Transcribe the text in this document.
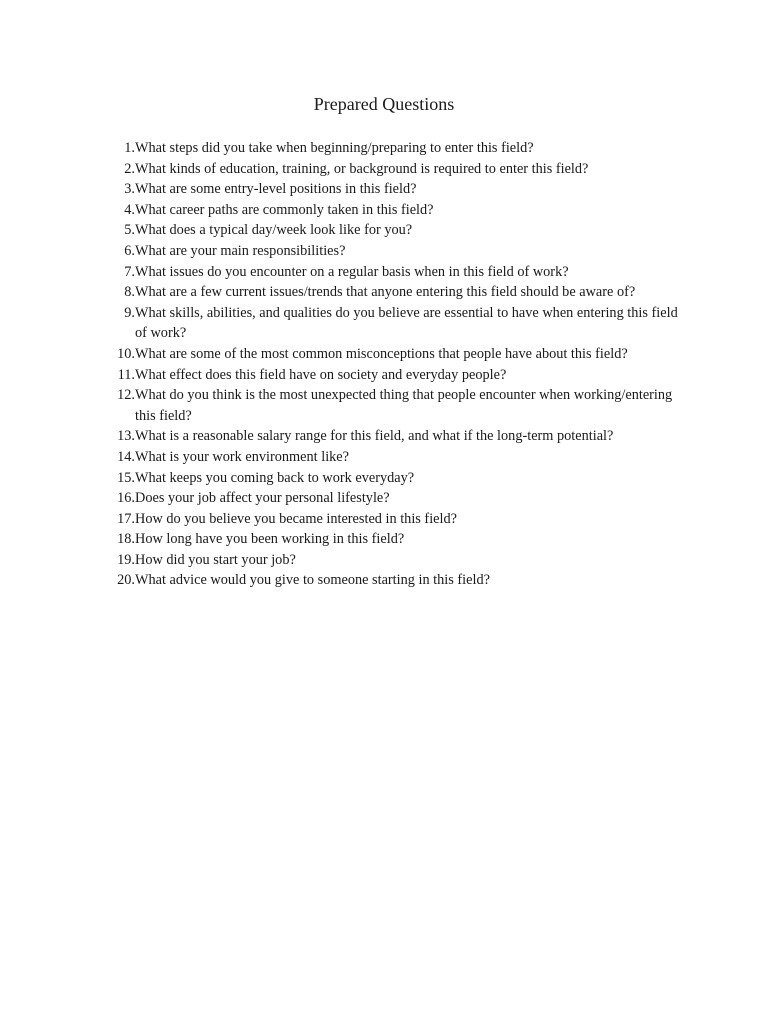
Prepared Questions
1. What steps did you take when beginning/preparing to enter this field?
2. What kinds of education, training, or background is required to enter this field?
3. What are some entry-level positions in this field?
4. What career paths are commonly taken in this field?
5. What does a typical day/week look like for you?
6. What are your main responsibilities?
7. What issues do you encounter on a regular basis when in this field of work?
8. What are a few current issues/trends that anyone entering this field should be aware of?
9. What skills, abilities, and qualities do you believe are essential to have when entering this field of work?
10. What are some of the most common misconceptions that people have about this field?
11. What effect does this field have on society and everyday people?
12. What do you think is the most unexpected thing that people encounter when working/entering this field?
13. What is a reasonable salary range for this field, and what if the long-term potential?
14. What is your work environment like?
15. What keeps you coming back to work everyday?
16. Does your job affect your personal lifestyle?
17. How do you believe you became interested in this field?
18. How long have you been working in this field?
19. How did you start your job?
20. What advice would you give to someone starting in this field?
